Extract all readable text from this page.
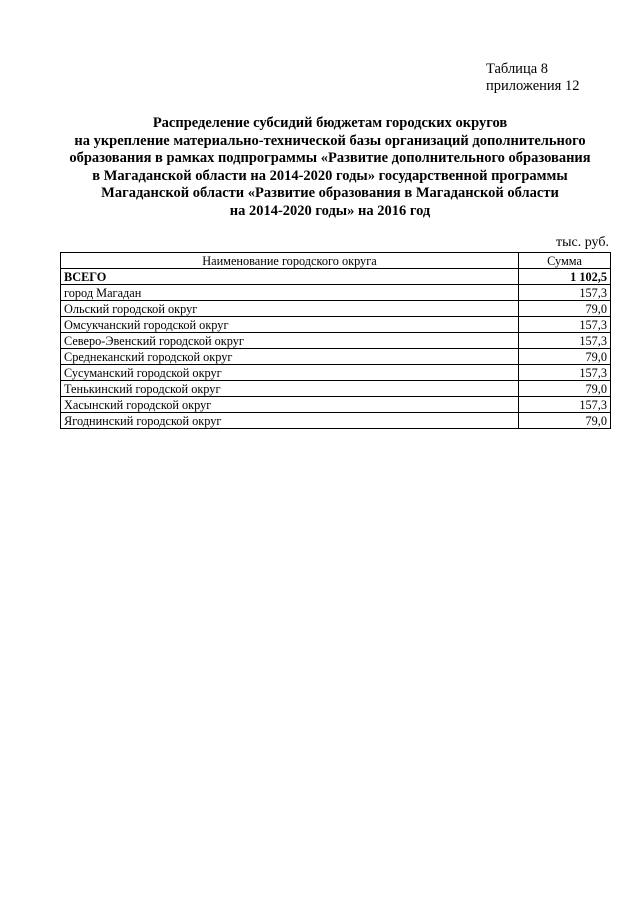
Таблица 8
приложения 12
Распределение субсидий бюджетам городских округов
на укрепление материально-технической базы организаций дополнительного
образования в рамках подпрограммы «Развитие дополнительного образования
в Магаданской области на 2014-2020 годы» государственной программы
Магаданской области «Развитие образования в Магаданской области
на 2014-2020 годы» на 2016 год
тыс. руб.
Наименование городского округа	Сумма
ВСЕГО	1 102,5
город Магадан	157,3
Ольский городской округ	79,0
Омсукчанский городской округ	157,3
Северо-Эвенский городской округ	157,3
Среднеканский городской округ	79,0
Сусуманский городской округ	157,3
Тенькинский городской округ	79,0
Хасынский городской округ	157,3
Ягоднинский городской округ	79,0
